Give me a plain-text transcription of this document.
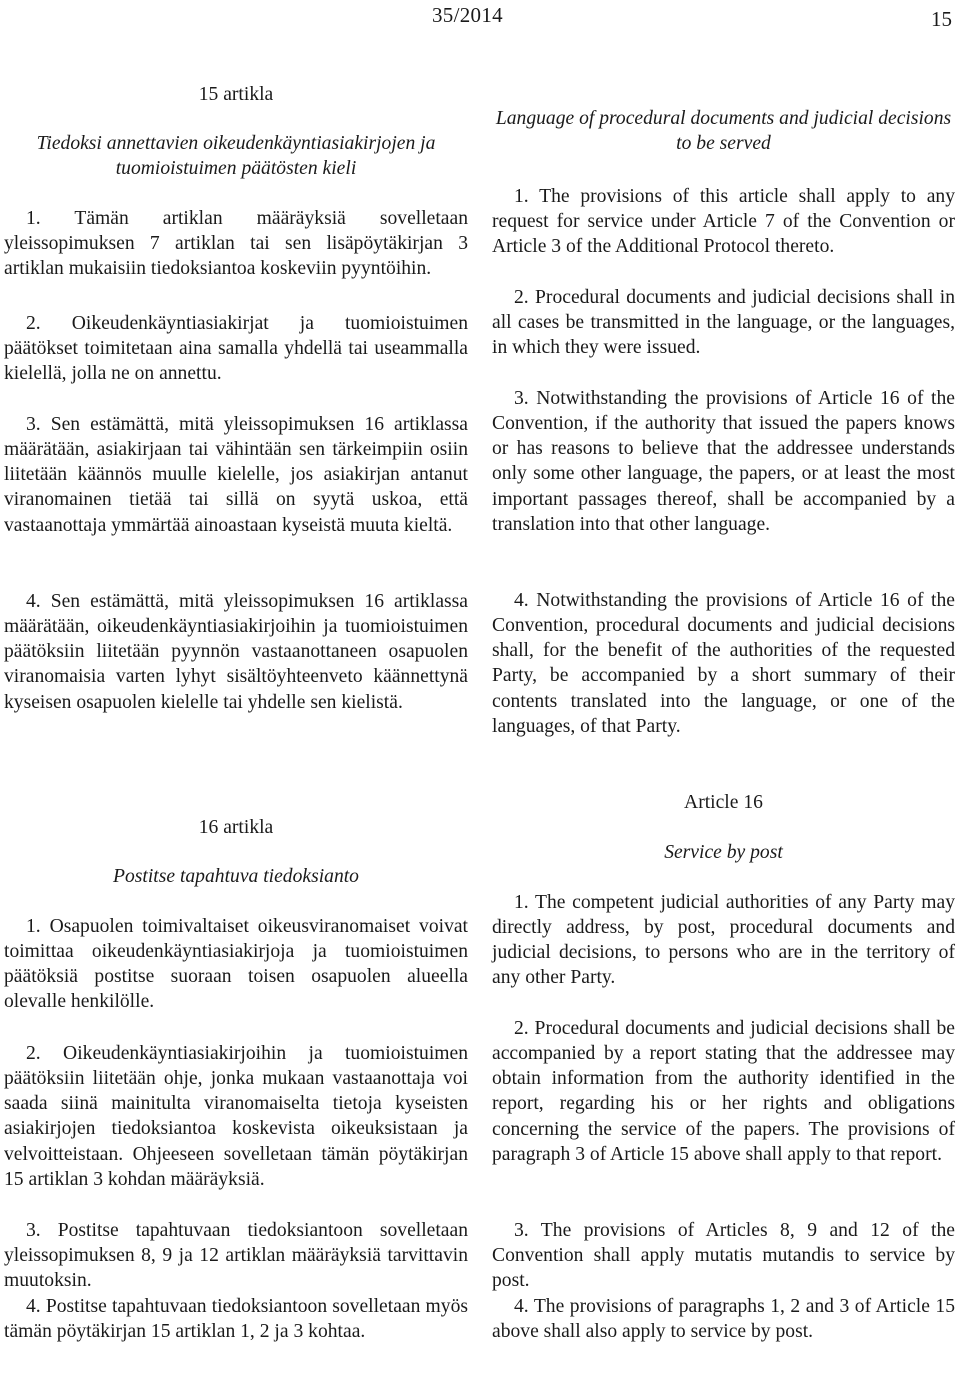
35/2014	15
15 artikla
Tiedoksi annettavien oikeudenkäyntiasiakirjojen ja tuomioistuimen päätösten kieli
1. Tämän artiklan määräyksiä sovelletaan yleissopimuksen 7 artiklan tai sen lisäpöytäkirjan 3 artiklan mukaisiin tiedoksiantoa koskeviin pyyntöihin.
2. Oikeudenkäyntiasiakirjat ja tuomioistuimen päätökset toimitetaan aina samalla yhdellä tai useammalla kielellä, jolla ne on annettu.
3. Sen estämättä, mitä yleissopimuksen 16 artiklassa määrätään, asiakirjaan tai vähintään sen tärkeimpiin osiin liitetään käännös muulle kielelle, jos asiakirjan antanut viranomainen tietää tai sillä on syytä uskoa, että vastaanottaja ymmärtää ainoastaan kyseistä muuta kieltä.
4. Sen estämättä, mitä yleissopimuksen 16 artiklassa määrätään, oikeudenkäyntiasiakirjoihin ja tuomioistuimen päätöksiin liitetään pyynnön vastaanottaneen osapuolen viranomaisia varten lyhyt sisältöyhteenveto käännettynä kyseisen osapuolen kielelle tai yhdelle sen kielistä.
16 artikla
Postitse tapahtuva tiedoksianto
1. Osapuolen toimivaltaiset oikeusviranomaiset voivat toimittaa oikeudenkäyntiasiakirjoja ja tuomioistuimen päätöksiä postitse suoraan toisen osapuolen alueella olevalle henkilölle.
2. Oikeudenkäyntiasiakirjoihin ja tuomioistuimen päätöksiin liitetään ohje, jonka mukaan vastaanottaja voi saada siinä mainitulta viranomaiselta tietoja kyseisten asiakirjojen tiedoksiantoa koskevista oikeuksistaan ja velvoitteistaan. Ohjeeseen sovelletaan tämän pöytäkirjan 15 artiklan 3 kohdan määräyksiä.
3. Postitse tapahtuvaan tiedoksiantoon sovelletaan yleissopimuksen 8, 9 ja 12 artiklan määräyksiä tarvittavin muutoksin.
4. Postitse tapahtuvaan tiedoksiantoon sovelletaan myös tämän pöytäkirjan 15 artiklan 1, 2 ja 3 kohtaa.
Language of procedural documents and judicial decisions to be served
1. The provisions of this article shall apply to any request for service under Article 7 of the Convention or Article 3 of the Additional Protocol thereto.
2. Procedural documents and judicial decisions shall in all cases be transmitted in the language, or the languages, in which they were issued.
3. Notwithstanding the provisions of Article 16 of the Convention, if the authority that issued the papers knows or has reasons to believe that the addressee understands only some other language, the papers, or at least the most important passages thereof, shall be accompanied by a translation into that other language.
4. Notwithstanding the provisions of Article 16 of the Convention, procedural documents and judicial decisions shall, for the benefit of the authorities of the requested Party, be accompanied by a short summary of their contents translated into the language, or one of the languages, of that Party.
Article 16
Service by post
1. The competent judicial authorities of any Party may directly address, by post, procedural documents and judicial decisions, to persons who are in the territory of any other Party.
2. Procedural documents and judicial decisions shall be accompanied by a report stating that the addressee may obtain information from the authority identified in the report, regarding his or her rights and obligations concerning the service of the papers. The provisions of paragraph 3 of Article 15 above shall apply to that report.
3. The provisions of Articles 8, 9 and 12 of the Convention shall apply mutatis mutandis to service by post.
4. The provisions of paragraphs 1, 2 and 3 of Article 15 above shall also apply to service by post.
